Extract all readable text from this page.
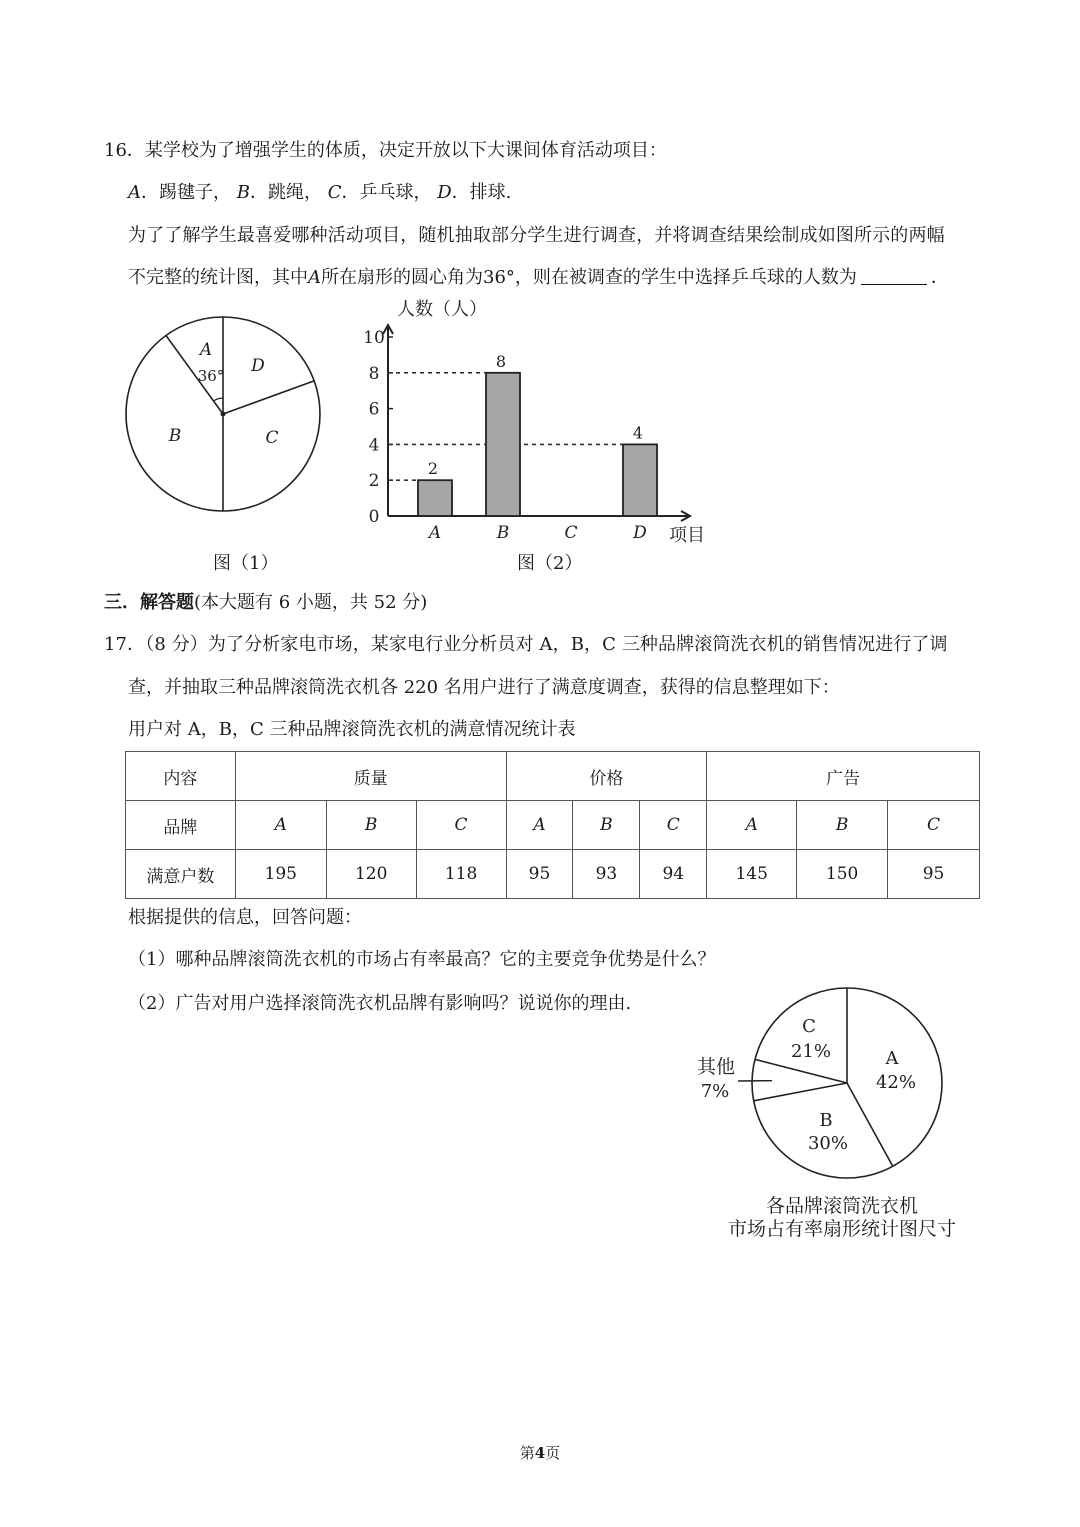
16．某学校为了增强学生的体质，决定开放以下大课间体育活动项目：
A．踢毽子， B．跳绳， C．乒乓球， D．排球.
为了了解学生最喜爱哪种活动项目，随机抽取部分学生进行调查，并将调查结果绘制成如图所示的两幅
不完整的统计图，其中A所在扇形的圆心角为36°，则在被调查的学生中选择乒乓球的人数为	．
A
36° D
B	C
图（1）
0
2
4
6
8
10
2
A
8
B	C
4
D
人数（人）
项目
图（2）
三．解答题(本大题有 6 小题，共 52 分)
17．（8 分）为了分析家电市场，某家电行业分析员对 A，B，C 三种品牌滚筒洗衣机的销售情况进行了调
查，并抽取三种品牌滚筒洗衣机各 220 名用户进行了满意度调查，获得的信息整理如下：
用户对 A，B，C 三种品牌滚筒洗衣机的满意情况统计表
内容	质量			价格			广告		
品牌	A	B	C	A	B	C	A	B	C
满意户数	195	120	118	95	93	94	145	150	95
根据提供的信息，回答问题：
（1）哪种品牌滚筒洗衣机的市场占有率最高？它的主要竞争优势是什么？
（2）广告对用户选择滚筒洗衣机品牌有影响吗？说说你的理由.
A
42%
B
30%
C
21%
其他
7%
各品牌滚筒洗衣机
市场占有率扇形统计图尺寸
第4页
